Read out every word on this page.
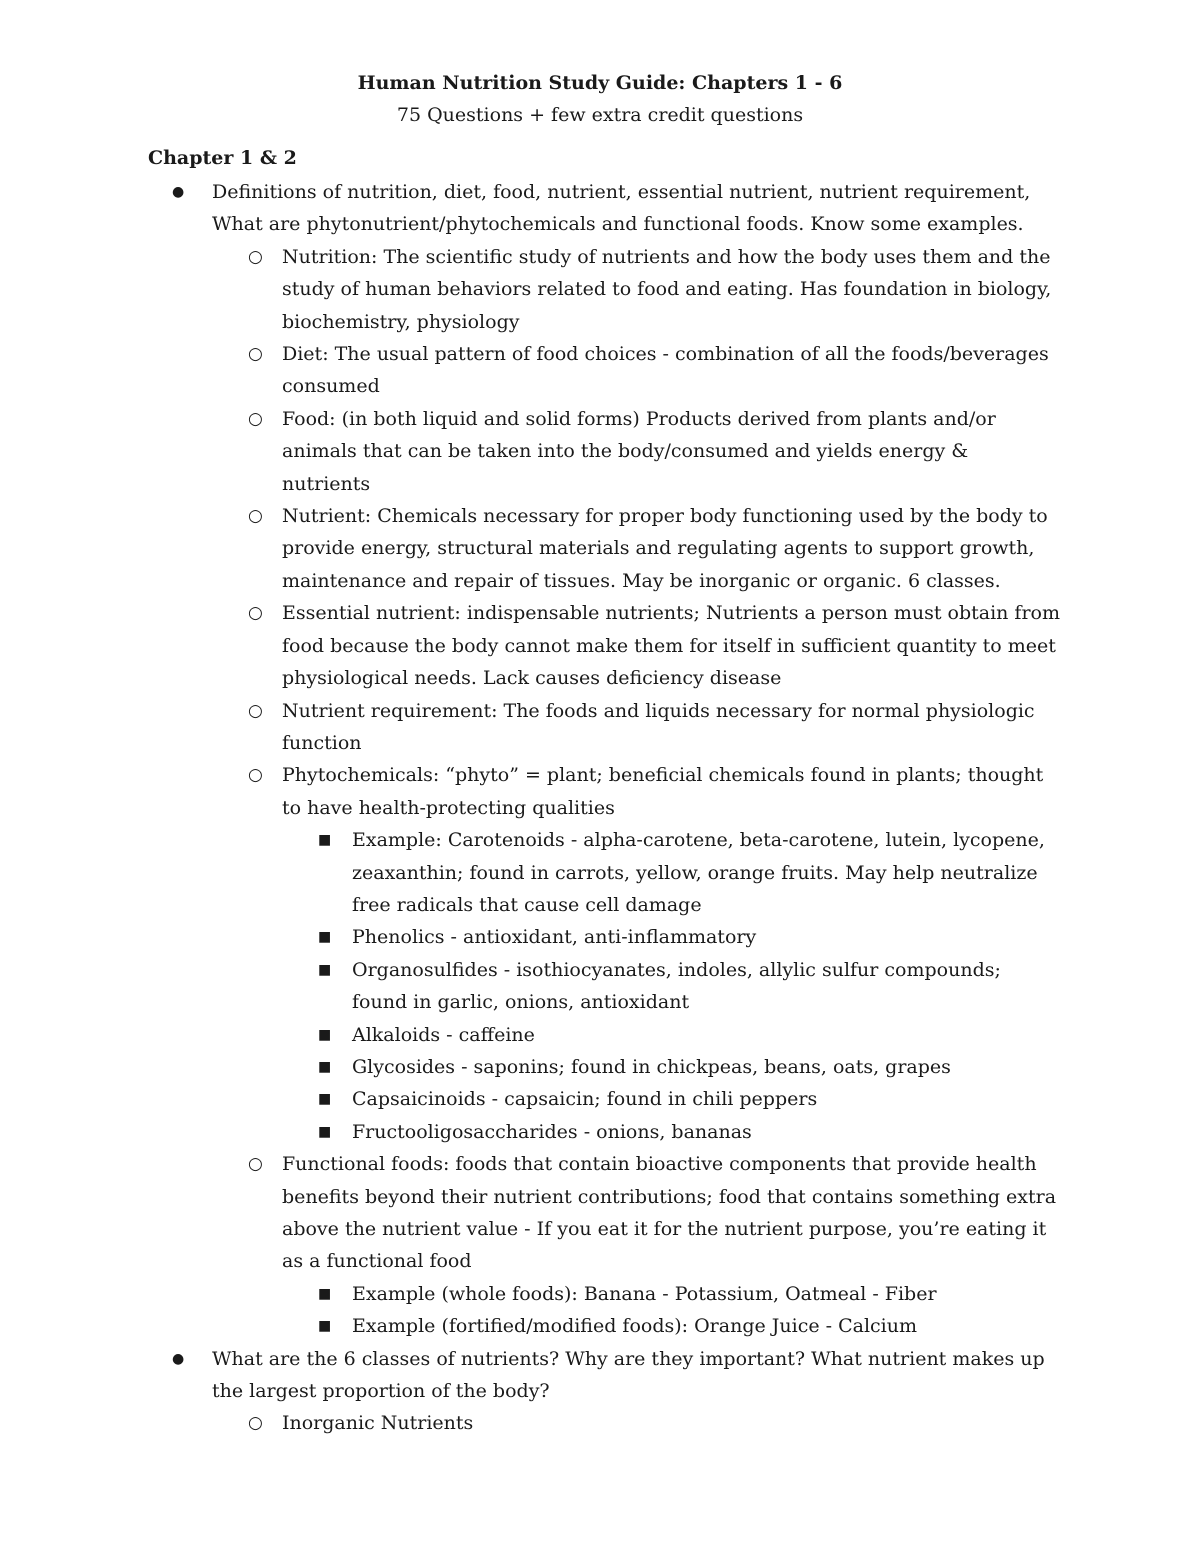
Human Nutrition Study Guide: Chapters 1 - 6
75 Questions + few extra credit questions
Chapter 1 & 2
● Definitions of nutrition, diet, food, nutrient, essential nutrient, nutrient requirement, What are phytonutrient/phytochemicals and functional foods. Know some examples.
○ Nutrition: The scientific study of nutrients and how the body uses them and the study of human behaviors related to food and eating. Has foundation in biology, biochemistry, physiology
○ Diet: The usual pattern of food choices - combination of all the foods/beverages consumed
○ Food: (in both liquid and solid forms) Products derived from plants and/or animals that can be taken into the body/consumed and yields energy & nutrients
○ Nutrient: Chemicals necessary for proper body functioning used by the body to provide energy, structural materials and regulating agents to support growth, maintenance and repair of tissues. May be inorganic or organic. 6 classes.
○ Essential nutrient: indispensable nutrients; Nutrients a person must obtain from food because the body cannot make them for itself in sufficient quantity to meet physiological needs. Lack causes deficiency disease
○ Nutrient requirement: The foods and liquids necessary for normal physiologic function
○ Phytochemicals: “phyto” = plant; beneficial chemicals found in plants; thought to have health-protecting qualities
■ Example: Carotenoids - alpha-carotene, beta-carotene, lutein, lycopene, zeaxanthin; found in carrots, yellow, orange fruits. May help neutralize free radicals that cause cell damage
■ Phenolics - antioxidant, anti-inflammatory
■ Organosulfides - isothiocyanates, indoles, allylic sulfur compounds; found in garlic, onions, antioxidant
■ Alkaloids - caffeine
■ Glycosides - saponins; found in chickpeas, beans, oats, grapes
■ Capsaicinoids - capsaicin; found in chili peppers
■ Fructooligosaccharides - onions, bananas
○ Functional foods: foods that contain bioactive components that provide health benefits beyond their nutrient contributions; food that contains something extra above the nutrient value - If you eat it for the nutrient purpose, you’re eating it as a functional food
■ Example (whole foods): Banana - Potassium, Oatmeal - Fiber
■ Example (fortified/modified foods): Orange Juice - Calcium
● What are the 6 classes of nutrients? Why are they important? What nutrient makes up the largest proportion of the body?
○ Inorganic Nutrients
